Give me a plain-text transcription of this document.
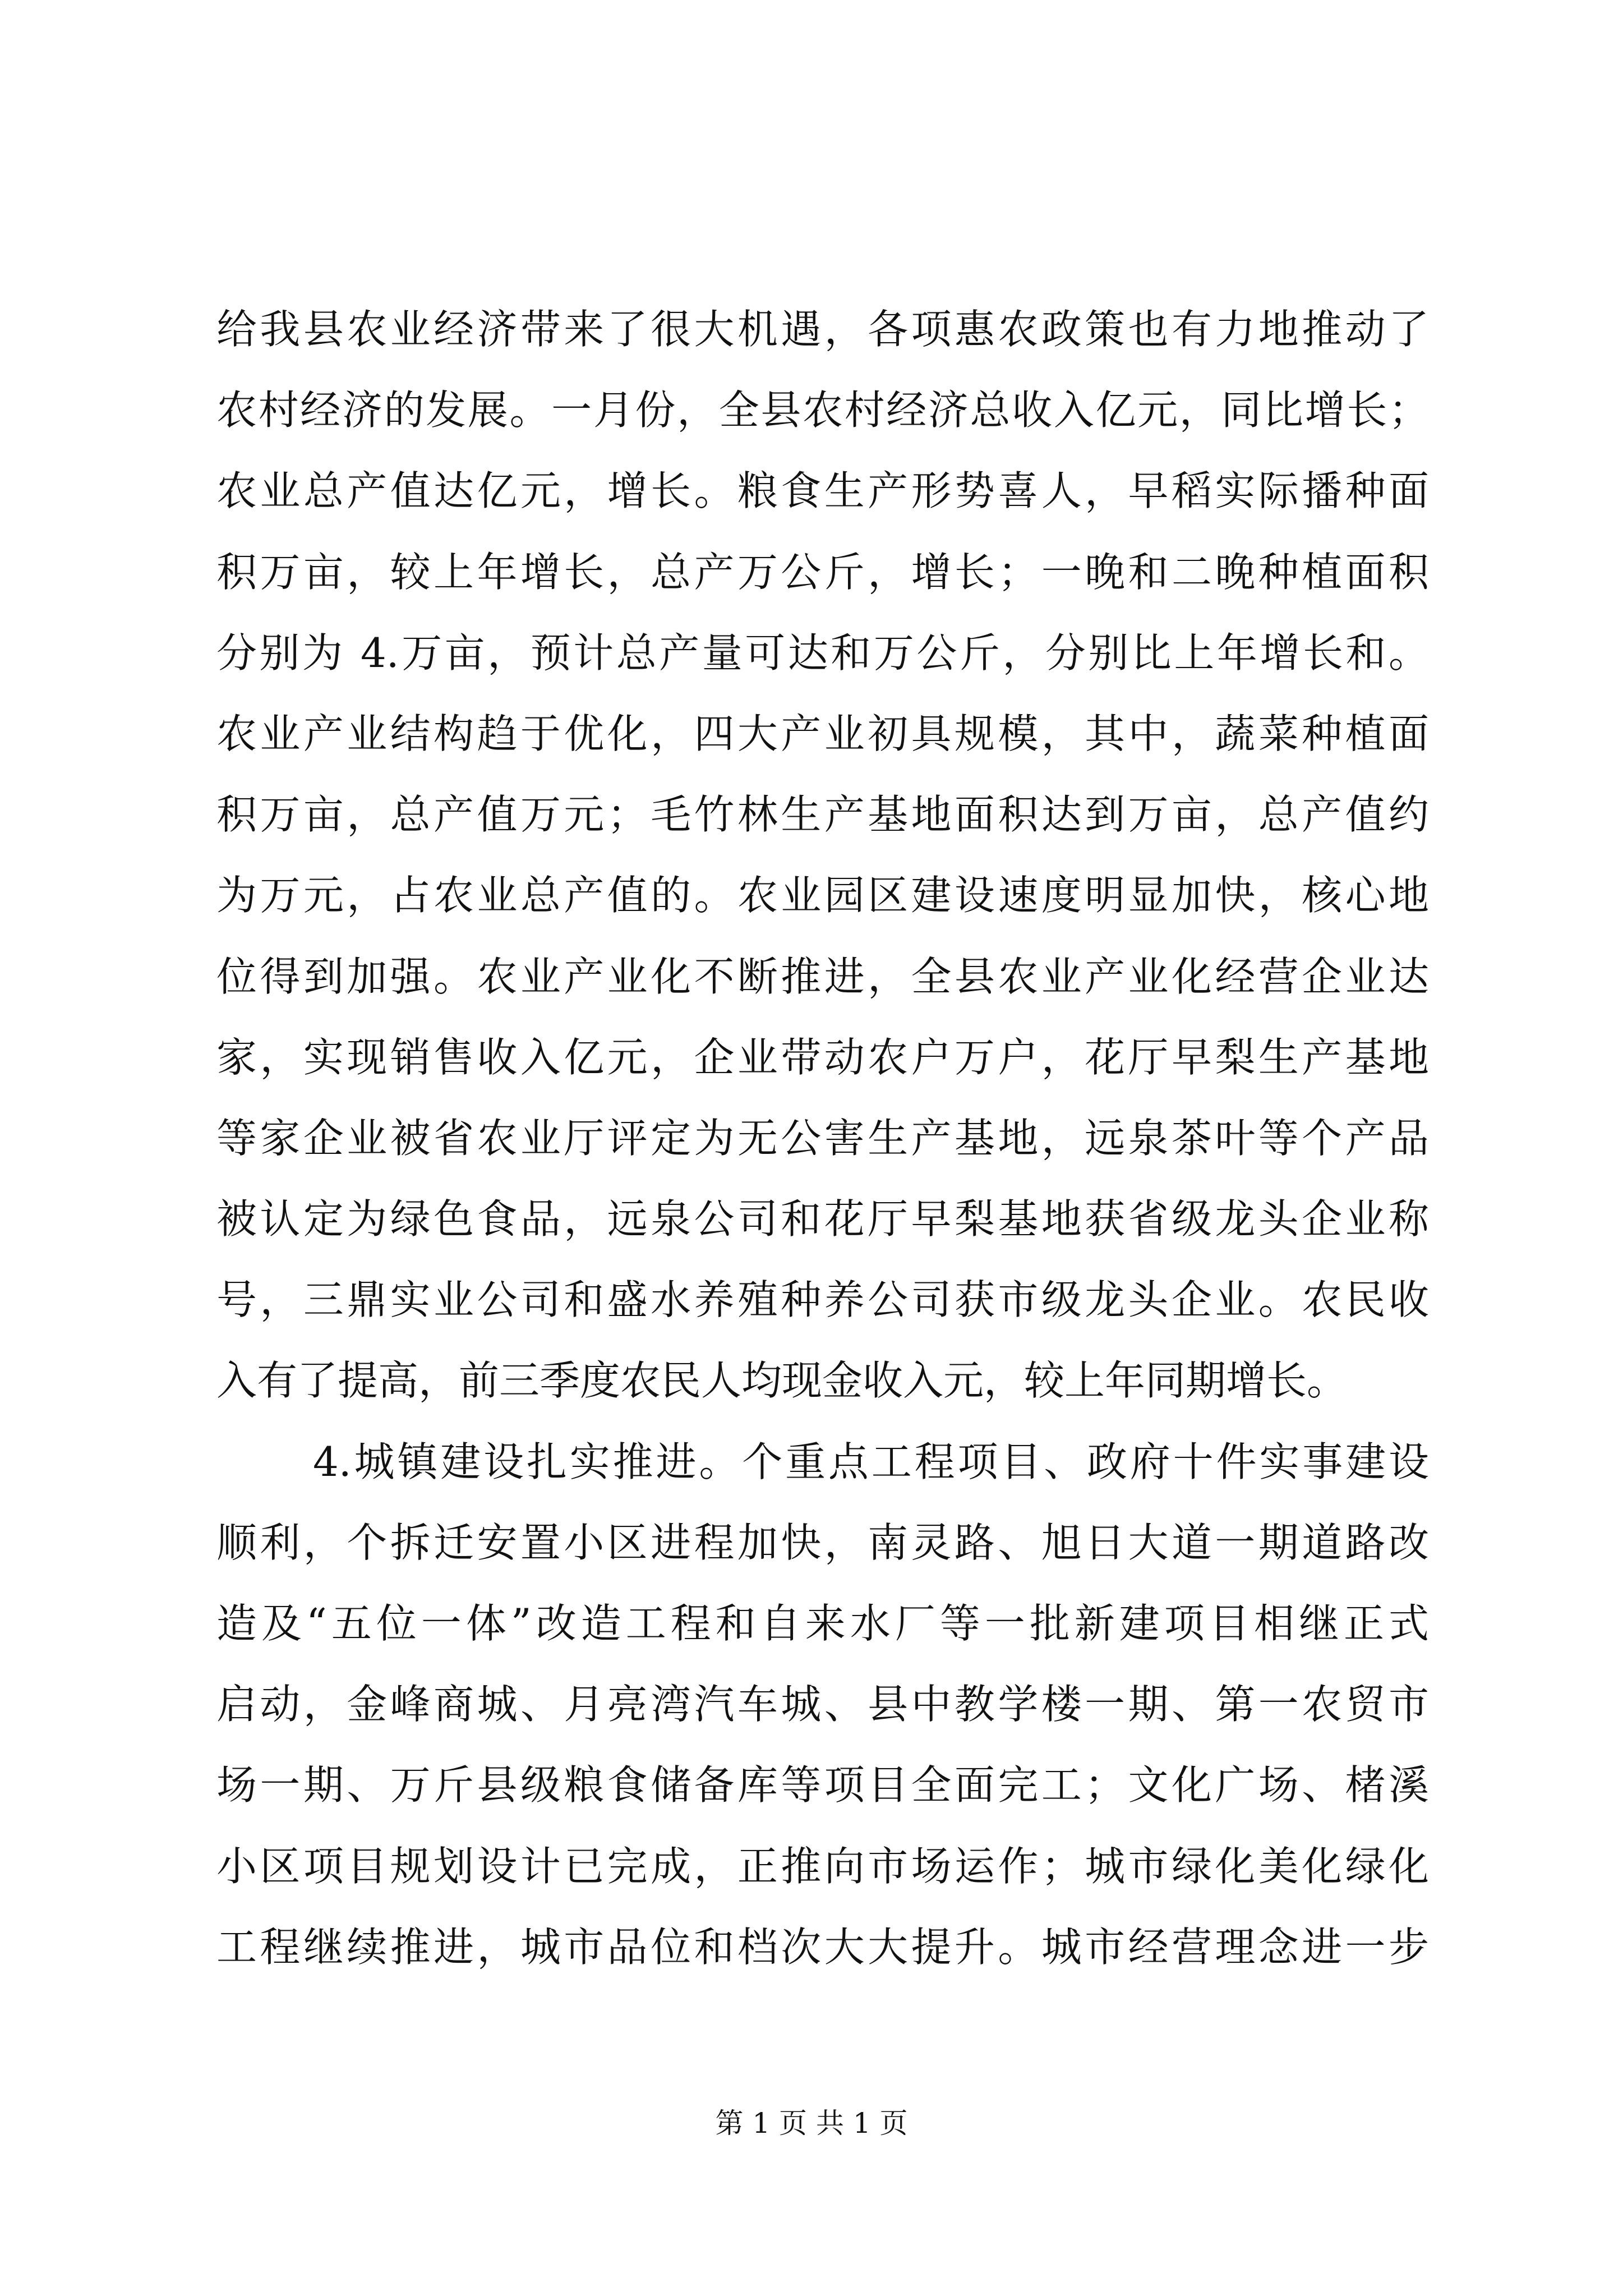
给我县农业经济带来了很大机遇，各项惠农政策也有力地推动了
农村经济的发展。一月份，全县农村经济总收入亿元，同比增长；
农业总产值达亿元，增长。粮食生产形势喜人，早稻实际播种面
积万亩，较上年增长，总产万公斤，增长；一晚和二晚种植面积
分别为 4.万亩，预计总产量可达和万公斤，分别比上年增长和。
农业产业结构趋于优化，四大产业初具规模，其中，蔬菜种植面
积万亩，总产值万元；毛竹林生产基地面积达到万亩，总产值约
为万元，占农业总产值的。农业园区建设速度明显加快，核心地
位得到加强。农业产业化不断推进，全县农业产业化经营企业达
家，实现销售收入亿元，企业带动农户万户，花厅早梨生产基地
等家企业被省农业厅评定为无公害生产基地，远泉茶叶等个产品
被认定为绿色食品，远泉公司和花厅早梨基地获省级龙头企业称
号，三鼎实业公司和盛水养殖种养公司获市级龙头企业。农民收
入有了提高，前三季度农民人均现金收入元，较上年同期增长。
4.城镇建设扎实推进。个重点工程项目、政府十件实事建设
顺利，个拆迁安置小区进程加快，南灵路、旭日大道一期道路改
造及“五位一体”改造工程和自来水厂等一批新建项目相继正式
启动，金峰商城、月亮湾汽车城、县中教学楼一期、第一农贸市
场一期、万斤县级粮食储备库等项目全面完工；文化广场、楮溪
小区项目规划设计已完成，正推向市场运作；城市绿化美化绿化
工程继续推进，城市品位和档次大大提升。城市经营理念进一步
第 1 页 共 1 页
